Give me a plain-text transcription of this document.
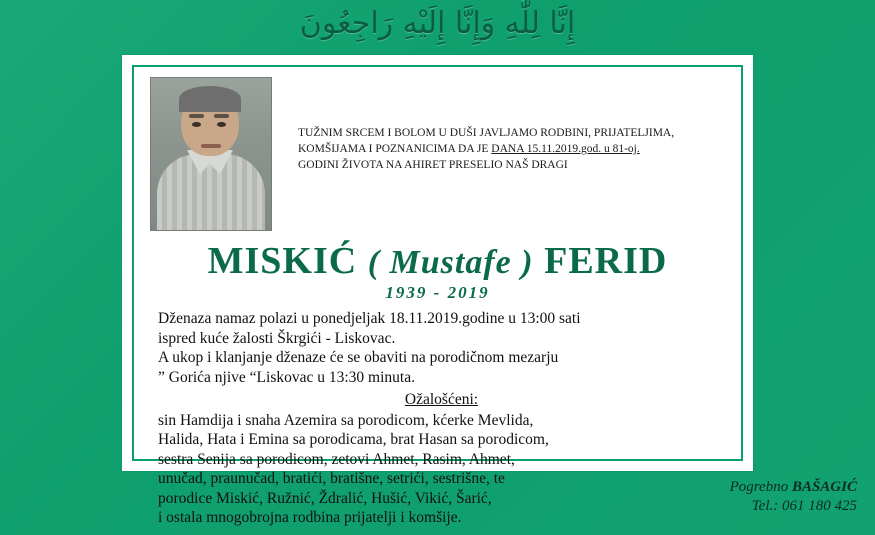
إِنَّا لِلَّٰهِ وَإِنَّا إِلَيْهِ رَاجِعُونَ
TUŽNIM SRCEM I BOLOM U DUŠI JAVLJAMO RODBINI, PRIJATELJIMA,
KOMŠIJAMA I POZNANICIMA DA JE DANA 15.11.2019.god. u 81-oj.
GODINI ŽIVOTA NA AHIRET PRESELIO NAŠ DRAGI
MISKIĆ ( Mustafe ) FERID
1939 - 2019

Dženaza namaz polazi u ponedjeljak 18.11.2019.godine u 13:00 sati

ispred kuće žalosti Škrgići - Liskovac.

A ukop i klanjanje dženaze će se obaviti na porodičnom mezarju

” Gorića njive “Liskovac u 13:30 minuta.

Ožalošćeni:

sin Hamdija i snaha Azemira sa porodicom, kćerke Mevlida,

Halida, Hata i Emina sa porodicama, brat Hasan sa porodicom,

sestra Senija sa porodicom, zetovi Ahmet, Rasim, Ahmet,

unučad, praunučad, bratići, bratišne, setrići, sestrišne, te

porodice Miskić, Ružnić, Ždralić, Hušić, Vikić, Šarić,

i ostala mnogobrojna rodbina prijatelji i komšije.

Pogrebno BAŠAGIĆ
Tel.: 061 180 425
